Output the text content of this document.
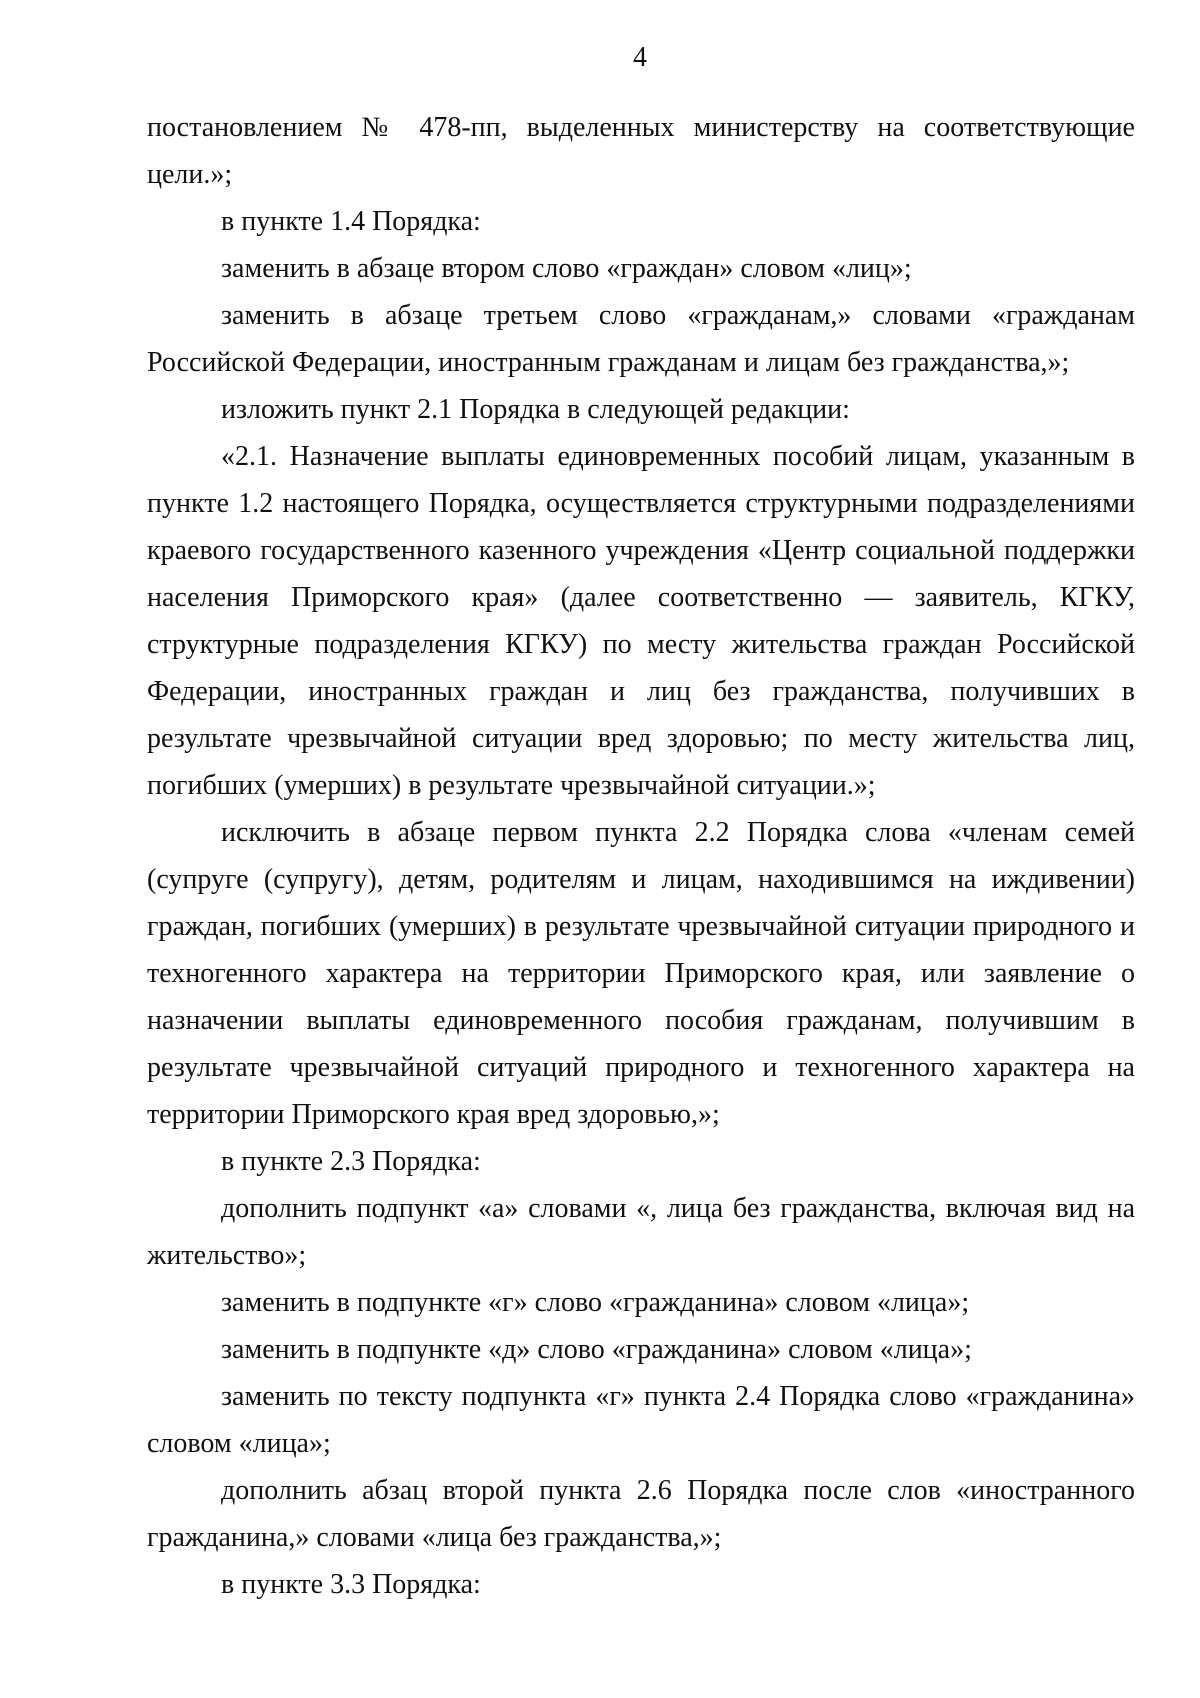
4

постановлением № 478-пп, выделенных министерству на соответствующие цели.»;

в пункте 1.4 Порядка:

заменить в абзаце втором слово «граждан» словом «лиц»;

заменить в абзаце третьем слово «гражданам,» словами «гражданам Российской Федерации, иностранным гражданам и лицам без гражданства,»;

изложить пункт 2.1 Порядка в следующей редакции:

«2.1. Назначение выплаты единовременных пособий лицам, указанным в пункте 1.2 настоящего Порядка, осуществляется структурными подразделениями краевого государственного казенного учреждения «Центр социальной поддержки населения Приморского края» (далее соответственно — заявитель, КГКУ, структурные подразделения КГКУ) по месту жительства граждан Российской Федерации, иностранных граждан и лиц без гражданства, получивших в результате чрезвычайной ситуации вред здоровью; по месту жительства лиц, погибших (умерших) в результате чрезвычайной ситуации.»;

исключить в абзаце первом пункта 2.2 Порядка слова «членам семей (супруге (супругу), детям, родителям и лицам, находившимся на иждивении) граждан, погибших (умерших) в результате чрезвычайной ситуации природного и техногенного характера на территории Приморского края, или заявление о назначении выплаты единовременного пособия гражданам, получившим в результате чрезвычайной ситуаций природного и техногенного характера на территории Приморского края вред здоровью,»;

в пункте 2.3 Порядка:

дополнить подпункт «а» словами «, лица без гражданства, включая вид на жительство»;

заменить в подпункте «г» слово «гражданина» словом «лица»;

заменить в подпункте «д» слово «гражданина» словом «лица»;

заменить по тексту подпункта «г» пункта 2.4 Порядка слово «гражданина» словом «лица»;

дополнить абзац второй пункта 2.6 Порядка после слов «иностранного гражданина,» словами «лица без гражданства,»;

в пункте 3.3 Порядка:
